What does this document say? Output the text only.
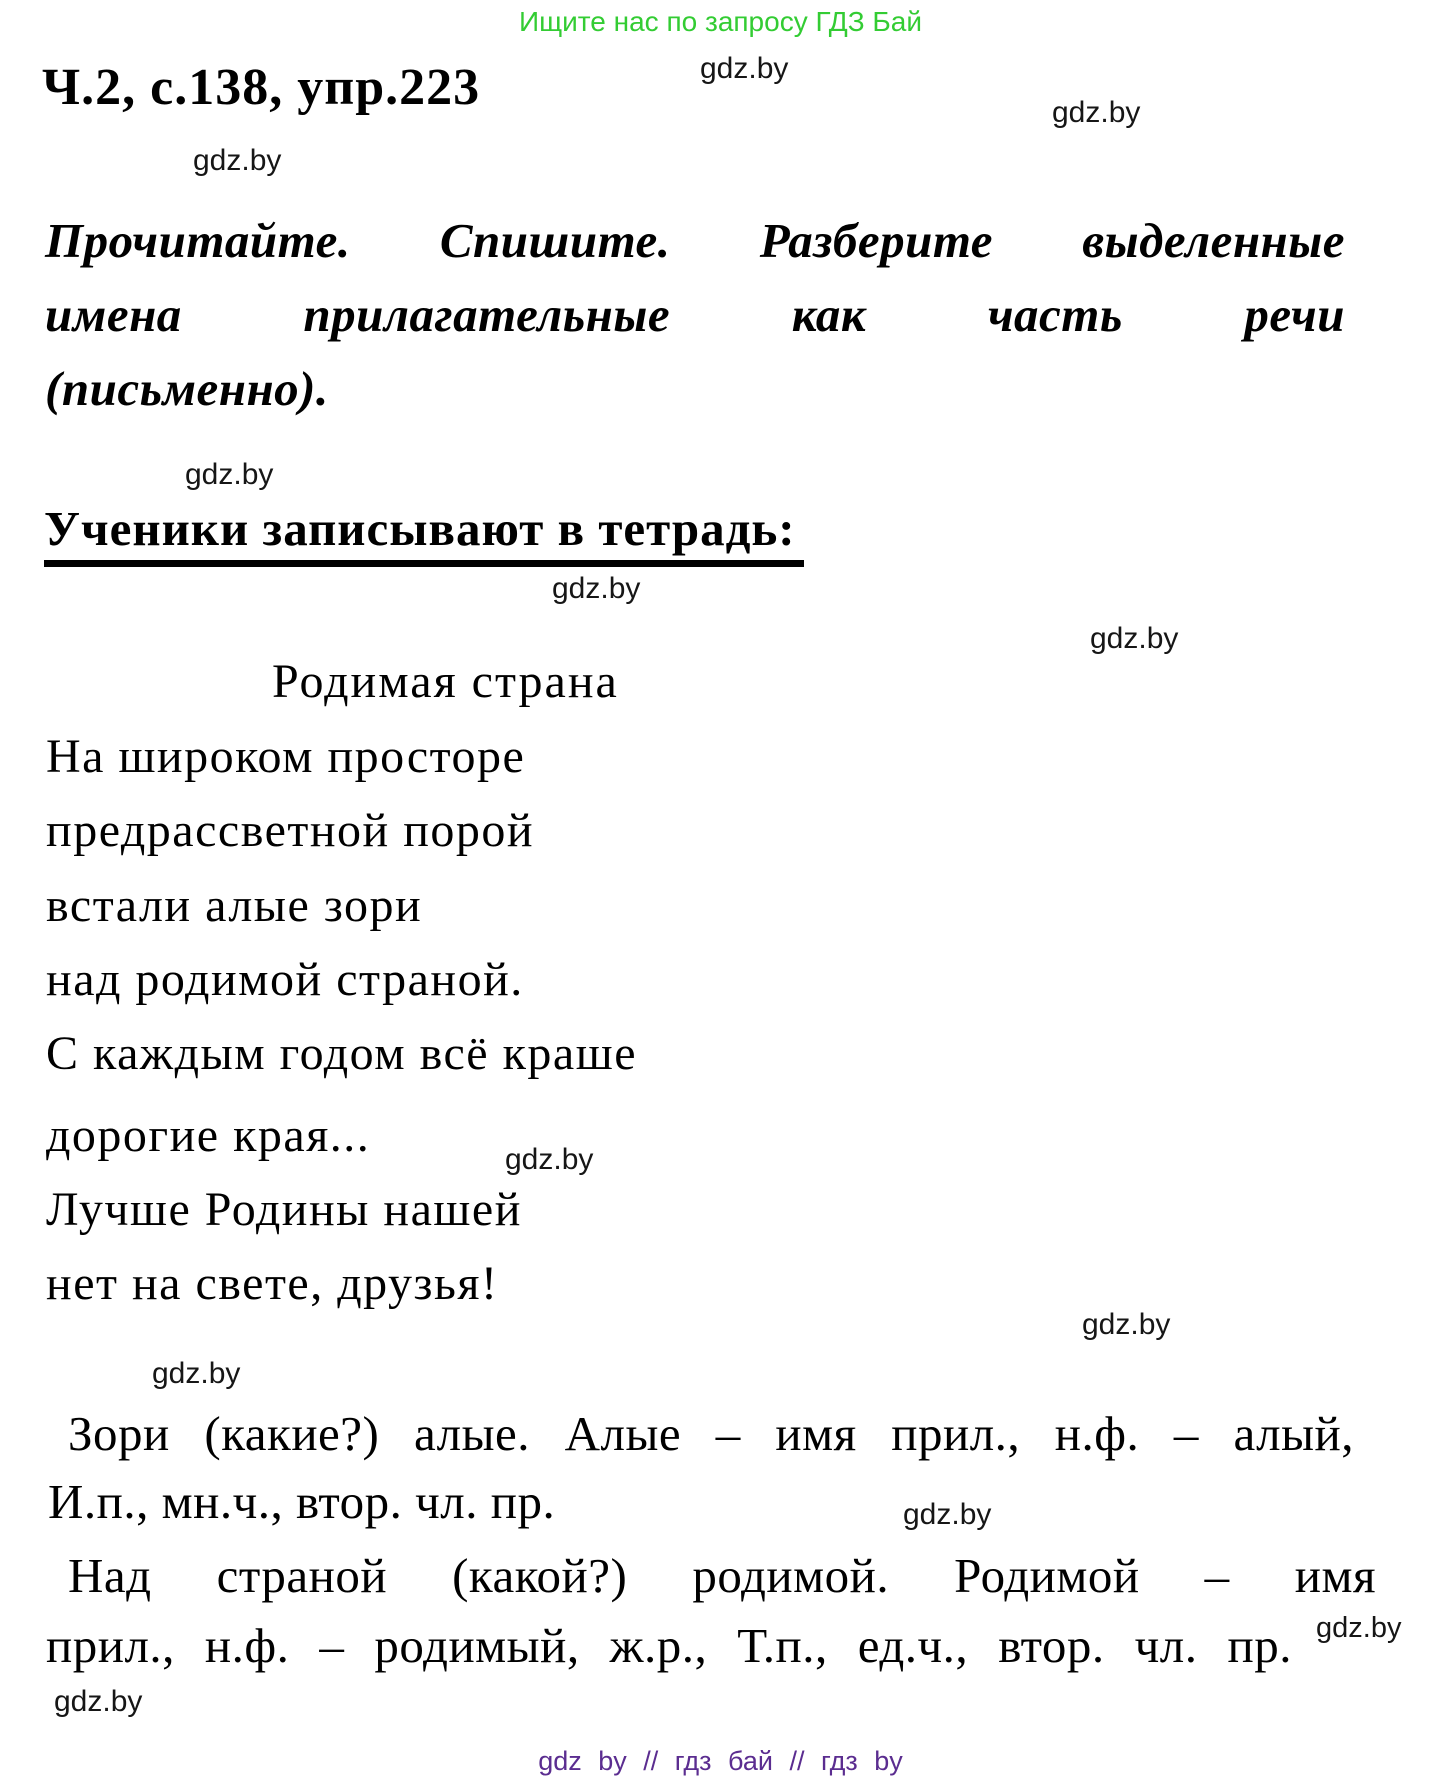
Ищите нас по запросу ГДЗ Бай
gdz.by
gdz.by
gdz.by
gdz.by
gdz.by
gdz.by
gdz.by
gdz.by
gdz.by
gdz.by
gdz.by
gdz.by
Ч.2, с.138, упр.223
Прочитайте. Спишите. Разберите выделенные
имена прилагательные как часть речи
(письменно).
Ученики записывают в тетрадь:
Родимая страна
На широком просторе
предрассветной порой
встали алые зори
над родимой страной.
С каждым годом всё краше
дорогие края...
Лучше Родины нашей
нет на свете, друзья!
Зори (какие?) алые. Алые – имя прил., н.ф. – алый,
И.п., мн.ч., втор. чл. пр.
Над страной (какой?) родимой. Родимой – имя
прил., н.ф. – родимый, ж.р., Т.п., ед.ч., втор. чл. пр.
gdz by // гдз бай // гдз by
